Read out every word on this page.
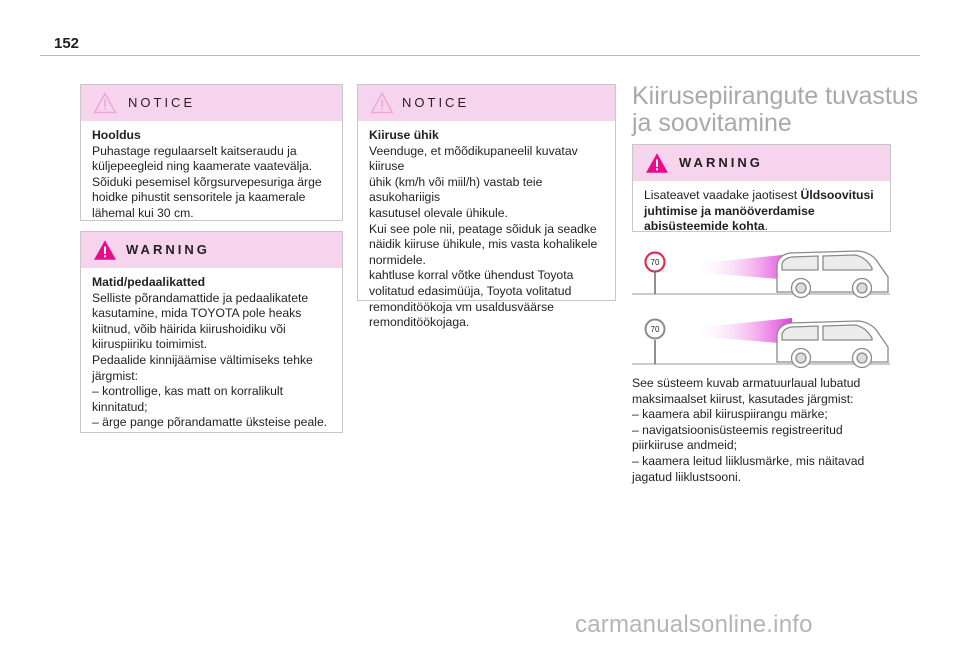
152
NOTICE

Hooldus

Puhastage regulaarselt kaitseraudu ja

küljepeegleid ning kaamerate vaatevälja.

Sõiduki pesemisel kõrgsurvepesuriga ärge

hoidke pihustit sensoritele ja kaamerale

lähemal kui 30 cm.

WARNING

Matid/pedaalikatted

Selliste põrandamattide ja pedaalikatete

kasutamine, mida TOYOTA pole heaks

kiitnud, võib häirida kiirushoidiku või

kiiruspiiriku toimimist.

Pedaalide kinnijäämise vältimiseks tehke

järgmist:

– kontrollige, kas matt on korralikult

kinnitatud;

– ärge pange põrandamatte üksteise peale.

NOTICE

Kiiruse ühik

Veenduge, et mõõdikupaneelil kuvatav kiiruse

ühik (km/h või miil/h) vastab teie asukohariigis

kasutusel olevale ühikule.

Kui see pole nii, peatage sõiduk ja seadke

näidik kiiruse ühikule, mis vasta kohalikele

normidele.

kahtluse korral võtke ühendust Toyota

volitatud edasimüüja, Toyota volitatud

remonditöökoja vm usaldusväärse

remonditöökojaga.

Kiirusepiirangute tuvastus
ja soovitamine
WARNING
Lisateavet vaadake jaotisest Üldsoovitusi
juhtimise ja manööverdamise
abisüsteemide kohta.
70
70

See süsteem kuvab armatuurlaual lubatud

maksimaalset kiirust, kasutades järgmist:

– kaamera abil kiiruspiirangu märke;

– navigatsioonisüsteemis registreeritud

piirkiiruse andmeid;

– kaamera leitud liiklusmärke, mis näitavad

jagatud liiklustsooni.

carmanualsonline.info
